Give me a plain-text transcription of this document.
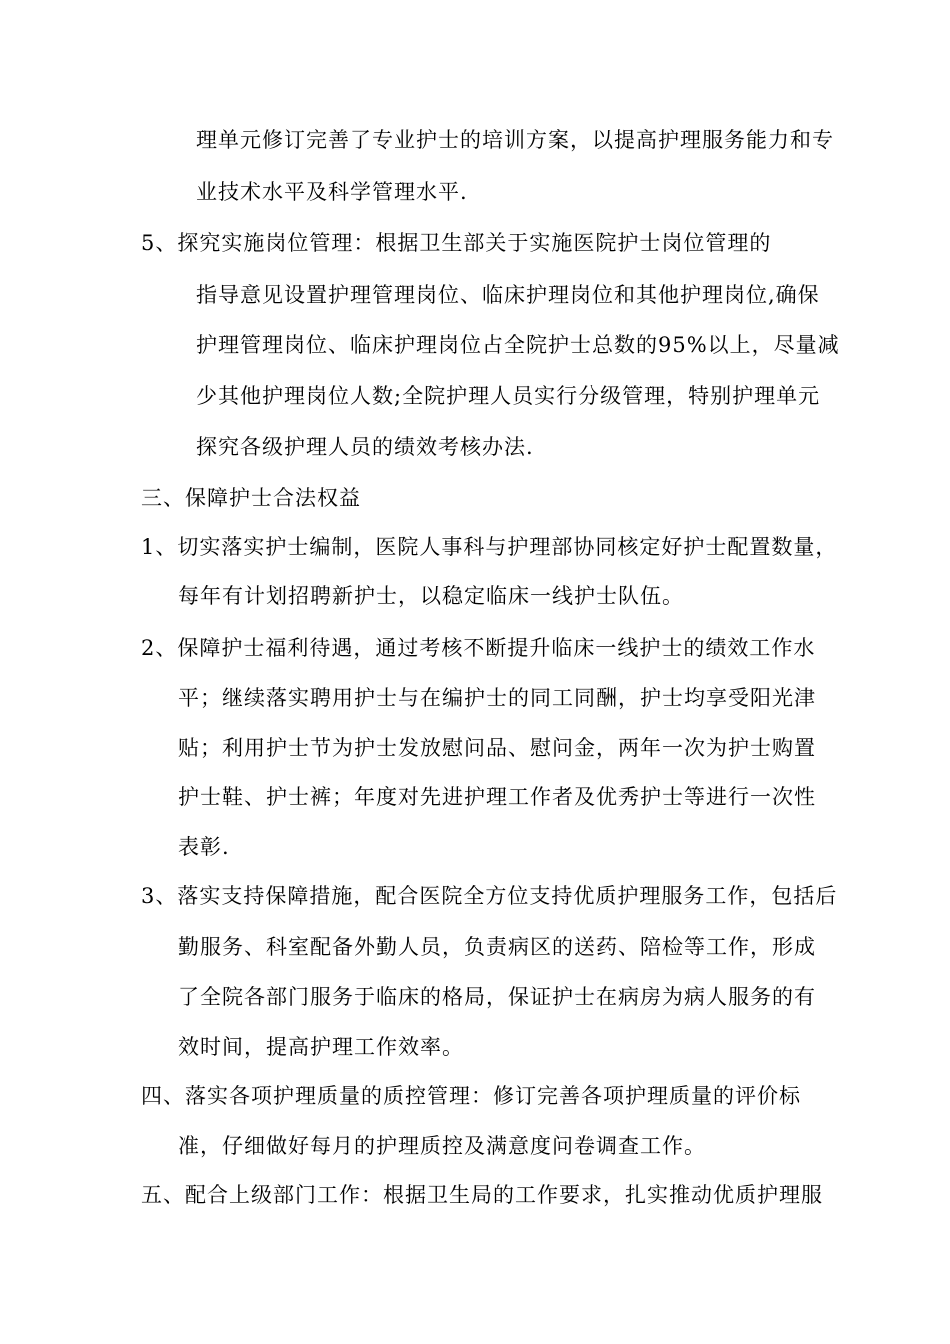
理单元修订完善了专业护士的培训方案，以提高护理服务能力和专
业技术水平及科学管理水平.
5、探究实施岗位管理：根据卫生部关于实施医院护士岗位管理的
指导意见设置护理管理岗位、临床护理岗位和其他护理岗位,确保
护理管理岗位、临床护理岗位占全院护士总数的95%以上，尽量减
少其他护理岗位人数;全院护理人员实行分级管理，特别护理单元
探究各级护理人员的绩效考核办法.
三、保障护士合法权益
1、切实落实护士编制，医院人事科与护理部协同核定好护士配置数量，
每年有计划招聘新护士，以稳定临床一线护士队伍。
2、保障护士福利待遇，通过考核不断提升临床一线护士的绩效工作水
平；继续落实聘用护士与在编护士的同工同酬，护士均享受阳光津
贴；利用护士节为护士发放慰问品、慰问金，两年一次为护士购置
护士鞋、护士裤；年度对先进护理工作者及优秀护士等进行一次性
表彰.
3、落实支持保障措施，配合医院全方位支持优质护理服务工作，包括后
勤服务、科室配备外勤人员，负责病区的送药、陪检等工作，形成
了全院各部门服务于临床的格局，保证护士在病房为病人服务的有
效时间，提高护理工作效率。
四、落实各项护理质量的质控管理：修订完善各项护理质量的评价标
准，仔细做好每月的护理质控及满意度问卷调查工作。
五、配合上级部门工作：根据卫生局的工作要求，扎实推动优质护理服
